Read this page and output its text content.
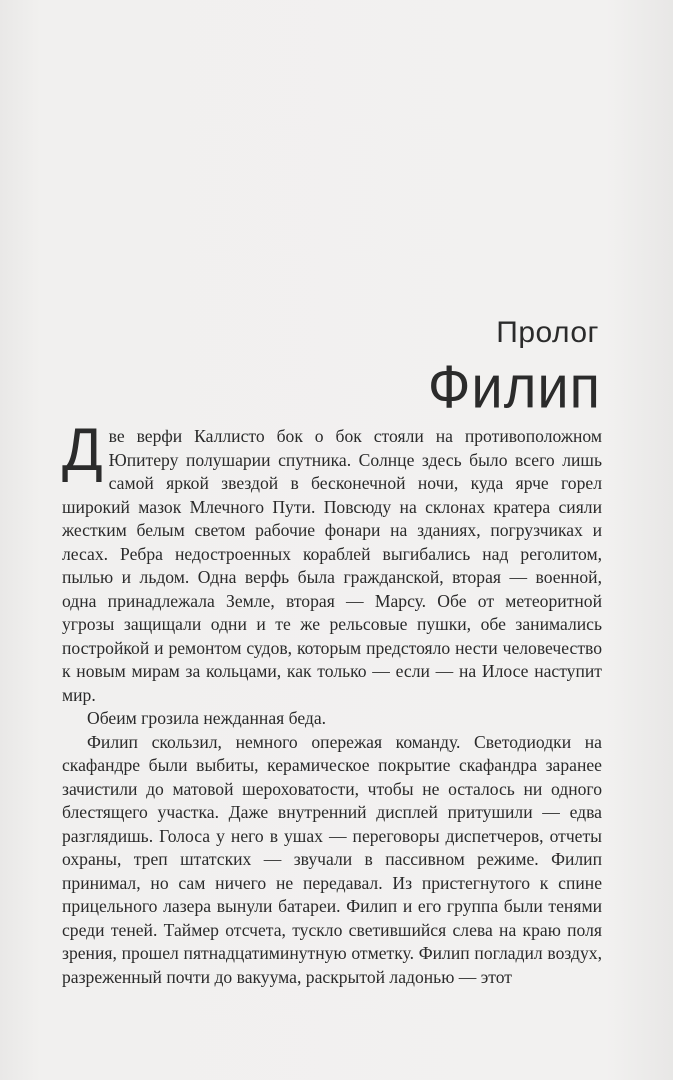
Пролог
Филип

Две верфи Каллисто бок о бок стояли на противоположном Юпитеру полушарии спутника. Солнце здесь было всего лишь самой яркой звездой в бесконечной ночи, куда ярче горел широкий мазок Млечного Пути. Повсюду на склонах кратера сияли жестким белым светом рабочие фонари на зданиях, погрузчиках и лесах. Ребра недостроенных кораблей выгибались над реголитом, пылью и льдом. Одна верфь была гражданской, вторая — военной, одна принадлежала Земле, вторая — Марсу. Обе от метеоритной угрозы защищали одни и те же рельсовые пушки, обе занимались постройкой и ремонтом судов, которым предстояло нести человечество к новым мирам за кольцами, как только — если — на Илосе наступит мир.

Обеим грозила нежданная беда.

Филип скользил, немного опережая команду. Светодиодки на скафандре были выбиты, керамическое покрытие скафандра заранее зачистили до матовой шероховатости, чтобы не осталось ни одного блестящего участка. Даже внутренний дисплей притушили — едва разглядишь. Голоса у него в ушах — переговоры диспетчеров, отчеты охраны, треп штатских — звучали в пассивном режиме. Филип принимал, но сам ничего не передавал. Из пристегнутого к спине прицельного лазера вынули батареи. Филип и его группа были тенями среди теней. Таймер отсчета, тускло светившийся слева на краю поля зрения, прошел пятнадцатиминутную отметку. Филип погладил воздух, разреженный почти до вакуума, раскрытой ладонью — этот
